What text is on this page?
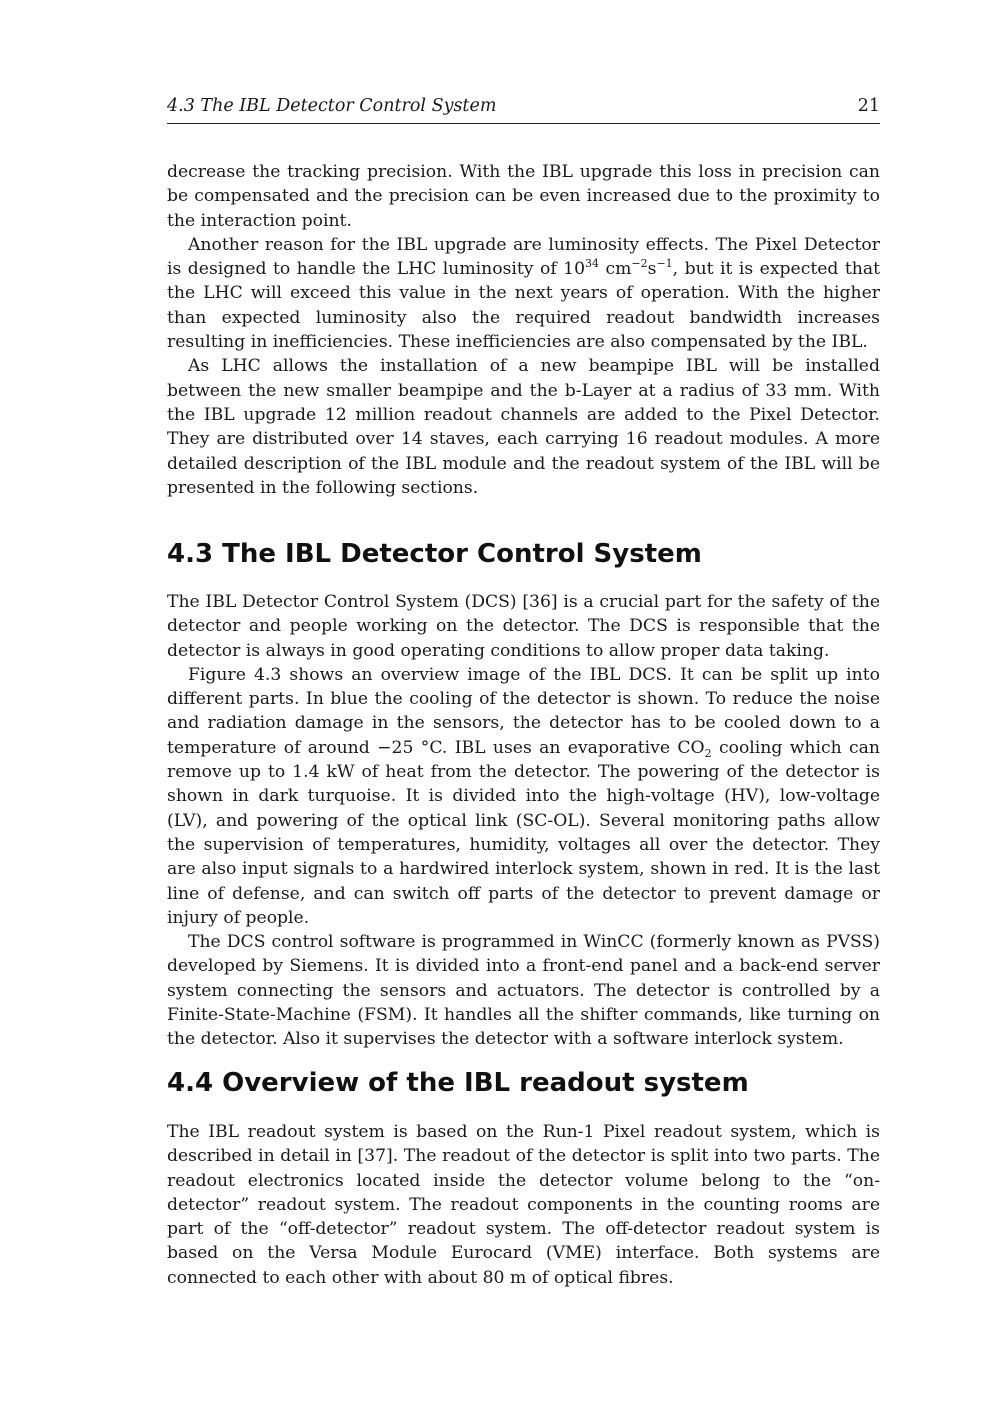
4.3 The IBL Detector Control System	21

decrease the tracking precision. With the IBL upgrade this loss in precision can be compensated and the precision can be even increased due to the proximity to the interaction point.

Another reason for the IBL upgrade are luminosity effects. The Pixel Detector is designed to handle the LHC luminosity of $10^{34}$ $cm^{-2}s^{-1}$, but it is expected that the LHC will exceed this value in the next years of operation. With the higher than expected luminosity also the required readout bandwidth increases resulting in inefficiencies. These inefficiencies are also compensated by the IBL.

As LHC allows the installation of a new beampipe IBL will be installed between the new smaller beampipe and the b-Layer at a radius of 33 mm. With the IBL upgrade 12 million readout channels are added to the Pixel Detector. They are distributed over 14 staves, each carrying 16 readout modules. A more detailed description of the IBL module and the readout system of the IBL will be presented in the following sections.

4.3 The IBL Detector Control System

The IBL Detector Control System (DCS) [36] is a crucial part for the safety of the detector and people working on the detector. The DCS is responsible that the detector is always in good operating conditions to allow proper data taking.

Figure 4.3 shows an overview image of the IBL DCS. It can be split up into different parts. In blue the cooling of the detector is shown. To reduce the noise and radiation damage in the sensors, the detector has to be cooled down to a temperature of around −25 °C. IBL uses an evaporative $CO_2$ cooling which can remove up to 1.4 kW of heat from the detector. The powering of the detector is shown in dark turquoise. It is divided into the high-voltage (HV), low-voltage (LV), and powering of the optical link (SC-OL). Several monitoring paths allow the supervision of temperatures, humidity, voltages all over the detector. They are also input signals to a hardwired interlock system, shown in red. It is the last line of defense, and can switch off parts of the detector to prevent damage or injury of people.

The DCS control software is programmed in WinCC (formerly known as PVSS) developed by Siemens. It is divided into a front-end panel and a back-end server system connecting the sensors and actuators. The detector is controlled by a Finite-State-Machine (FSM). It handles all the shifter commands, like turning on the detector. Also it supervises the detector with a software interlock system.

4.4 Overview of the IBL readout system

The IBL readout system is based on the Run-1 Pixel readout system, which is described in detail in [37]. The readout of the detector is split into two parts. The readout electronics located inside the detector volume belong to the “on-detector” readout system. The readout components in the counting rooms are part of the “off-detector” readout system. The off-detector readout system is based on the Versa Module Eurocard (VME) interface. Both systems are connected to each other with about 80 m of optical fibres.
